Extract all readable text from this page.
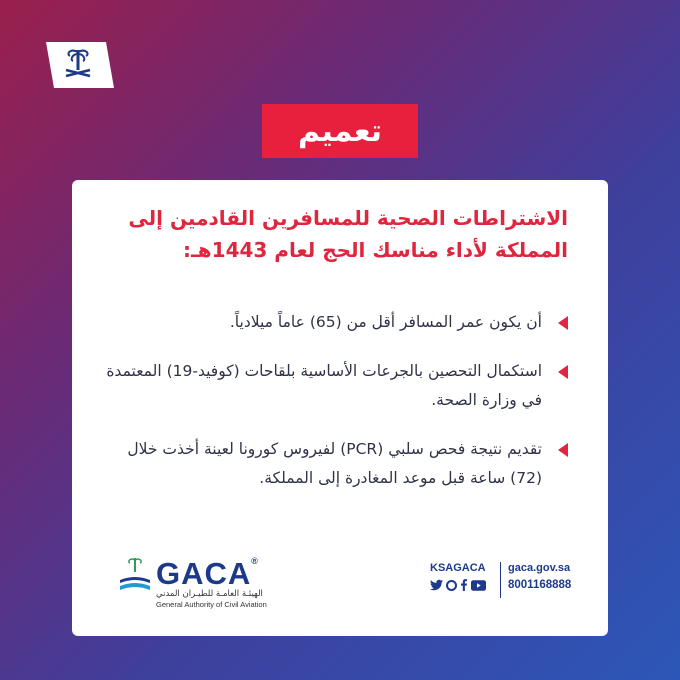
تعميم
الاشتراطات الصحية للمسافرين القادمين إلى المملكة لأداء مناسك الحج لعام 1443هـ:
أن يكون عمر المسافر أقل من (65) عاماً ميلادياً.
استكمال التحصين بالجرعات الأساسية بلقاحات (كوفيد-19) المعتمدة في وزارة الصحة.
تقديم نتيجة فحص سلبي (PCR) لفيروس كورونا لعينة أخذت خلال (72) ساعة قبل موعد المغادرة إلى المملكة.
GACA®
الهيئـة العامـة للطيـران المدني
General Authority of Civil Aviation
KSAGACA	gaca.gov.sa
8001168888
